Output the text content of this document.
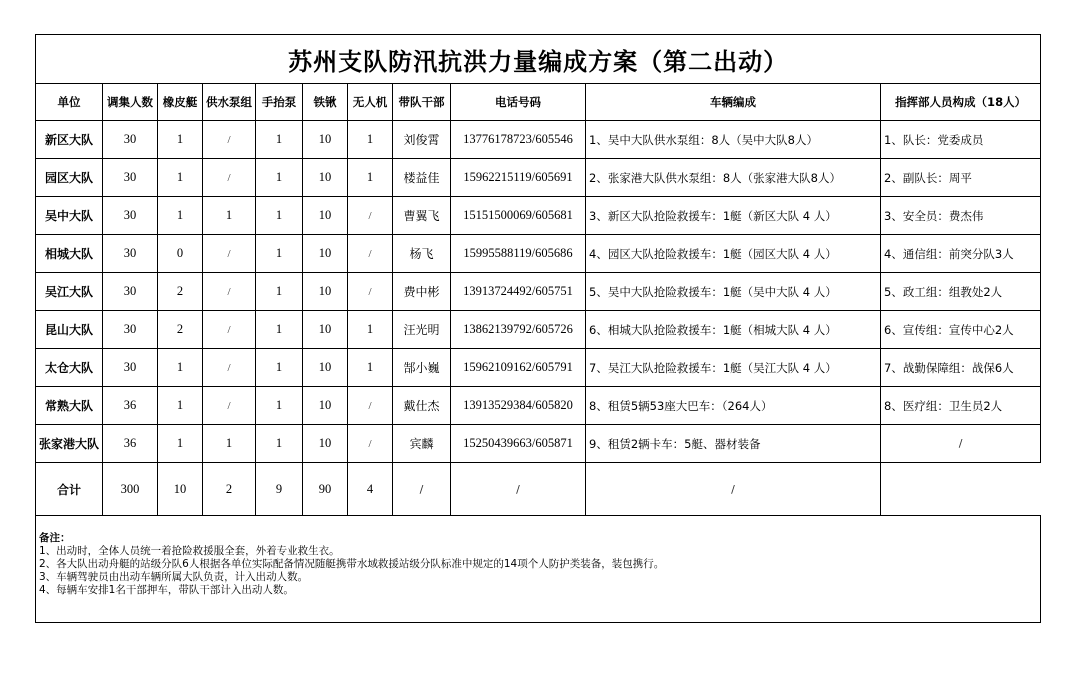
苏州支队防汛抗洪力量编成方案（第二出动）										
单位	调集人数	橡皮艇	供水泵组	手抬泵	铁锹	无人机	带队干部	电话号码	车辆编成	指挥部人员构成（18人）
新区大队	30	1	/	1	10	1	刘俊霄	13776178723/605546	1、吴中大队供水泵组：8人（吴中大队8人）	1、队长：党委成员
园区大队	30	1	/	1	10	1	楼益佳	15962215119/605691	2、张家港大队供水泵组：8人（张家港大队8人）	2、副队长：周平
吴中大队	30	1	1	1	10	/	曹翼飞	15151500069/605681	3、新区大队抢险救援车：1艇（新区大队 4 人）	3、安全员：费杰伟
相城大队	30	0	/	1	10	/	杨飞	15995588119/605686	4、园区大队抢险救援车：1艇（园区大队 4 人）	4、通信组：前突分队3人
吴江大队	30	2	/	1	10	/	费中彬	13913724492/605751	5、吴中大队抢险救援车：1艇（吴中大队 4 人）	5、政工组：组教处2人
昆山大队	30	2	/	1	10	1	汪光明	13862139792/605726	6、相城大队抢险救援车：1艇（相城大队 4 人）	6、宣传组：宣传中心2人
太仓大队	30	1	/	1	10	1	郜小巍	15962109162/605791	7、吴江大队抢险救援车：1艇（吴江大队 4 人）	7、战勤保障组：战保6人
常熟大队	36	1	/	1	10	/	戴仕杰	13913529384/605820	8、租赁5辆53座大巴车：（264人）	8、医疗组：卫生员2人
张家港大队	36	1	1	1	10	/	宾麟	15250439663/605871	9、租赁2辆卡车：5艇、器材装备	/
合计	300	10	2	9	90	4	/	/	/	

备注：
1、出动时，全体人员统一着抢险救援服全套，外着专业救生衣。
2、各大队出动舟艇的站级分队6人根据各单位实际配备情况随艇携带水域救援站级分队标准中规定的14项个人防护类装备，装包携行。
3、车辆驾驶员由出动车辆所属大队负责，计入出动人数。
4、每辆车安排1名干部押车，带队干部计入出动人数。										
